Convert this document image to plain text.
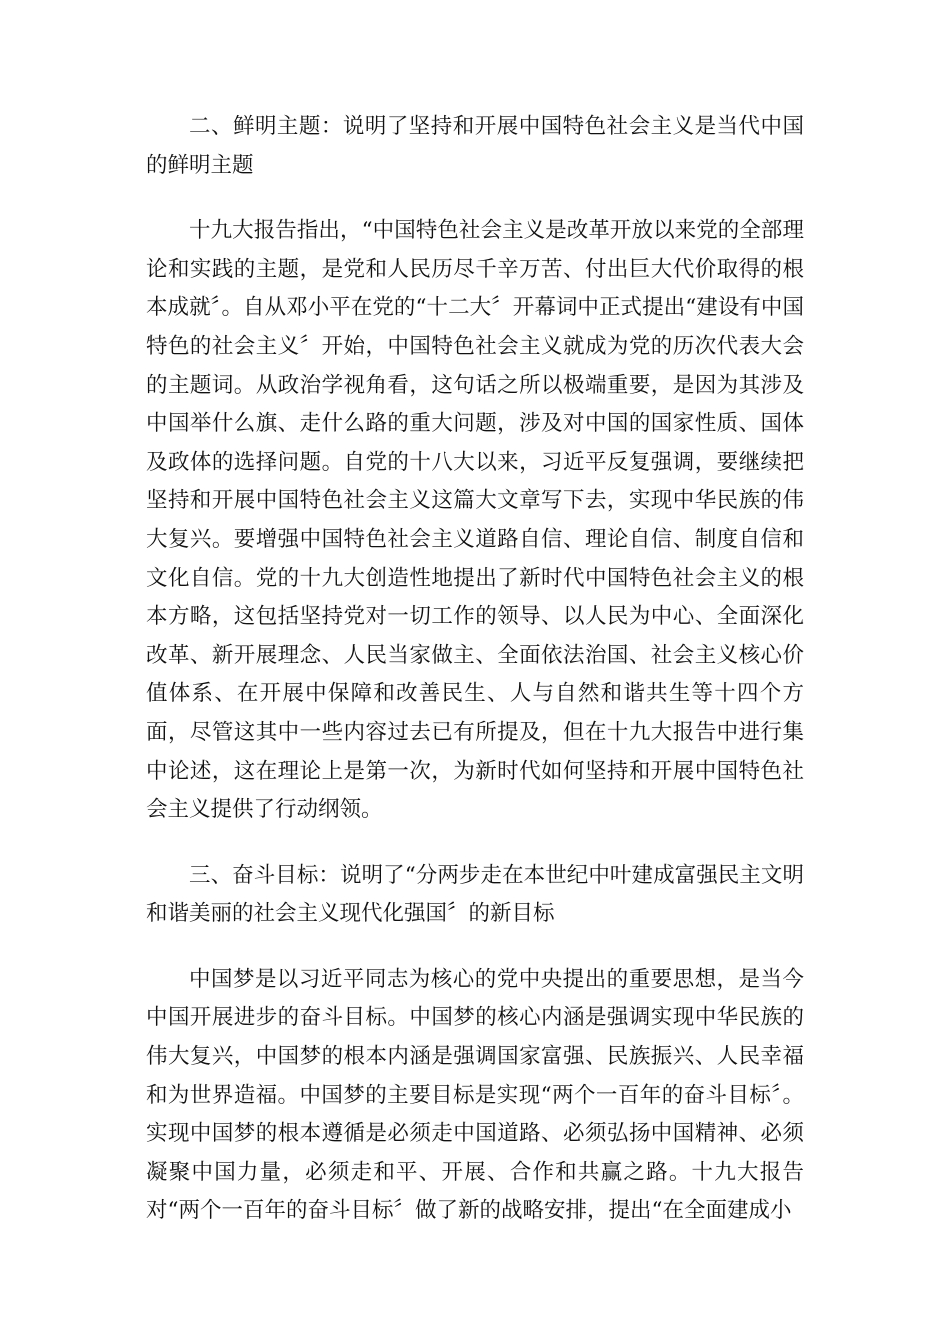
二、鲜明主题：说明了坚持和开展中国特色社会主义是当代中国的鲜明主题

十九大报告指出，“中国特色社会主义是改革开放以来党的全部理论和实践的主题，是党和人民历尽千辛万苦、付出巨大代价取得的根本成就〞。自从邓小平在党的“十二大〞开幕词中正式提出“建设有中国特色的社会主义〞开始，中国特色社会主义就成为党的历次代表大会的主题词。从政治学视角看，这句话之所以极端重要，是因为其涉及中国举什么旗、走什么路的重大问题，涉及对中国的国家性质、国体及政体的选择问题。自党的十八大以来，习近平反复强调，要继续把坚持和开展中国特色社会主义这篇大文章写下去，实现中华民族的伟大复兴。要增强中国特色社会主义道路自信、理论自信、制度自信和文化自信。党的十九大创造性地提出了新时代中国特色社会主义的根本方略，这包括坚持党对一切工作的领导、以人民为中心、全面深化改革、新开展理念、人民当家做主、全面依法治国、社会主义核心价值体系、在开展中保障和改善民生、人与自然和谐共生等十四个方面，尽管这其中一些内容过去已有所提及，但在十九大报告中进行集中论述，这在理论上是第一次，为新时代如何坚持和开展中国特色社会主义提供了行动纲领。

三、奋斗目标：说明了“分两步走在本世纪中叶建成富强民主文明和谐美丽的社会主义现代化强国〞的新目标

中国梦是以习近平同志为核心的党中央提出的重要思想，是当今中国开展进步的奋斗目标。中国梦的核心内涵是强调实现中华民族的伟大复兴，中国梦的根本内涵是强调国家富强、民族振兴、人民幸福和为世界造福。中国梦的主要目标是实现“两个一百年的奋斗目标〞。实现中国梦的根本遵循是必须走中国道路、必须弘扬中国精神、必须凝聚中国力量，必须走和平、开展、合作和共赢之路。十九大报告对“两个一百年的奋斗目标〞做了新的战略安排，提出“在全面建成小
